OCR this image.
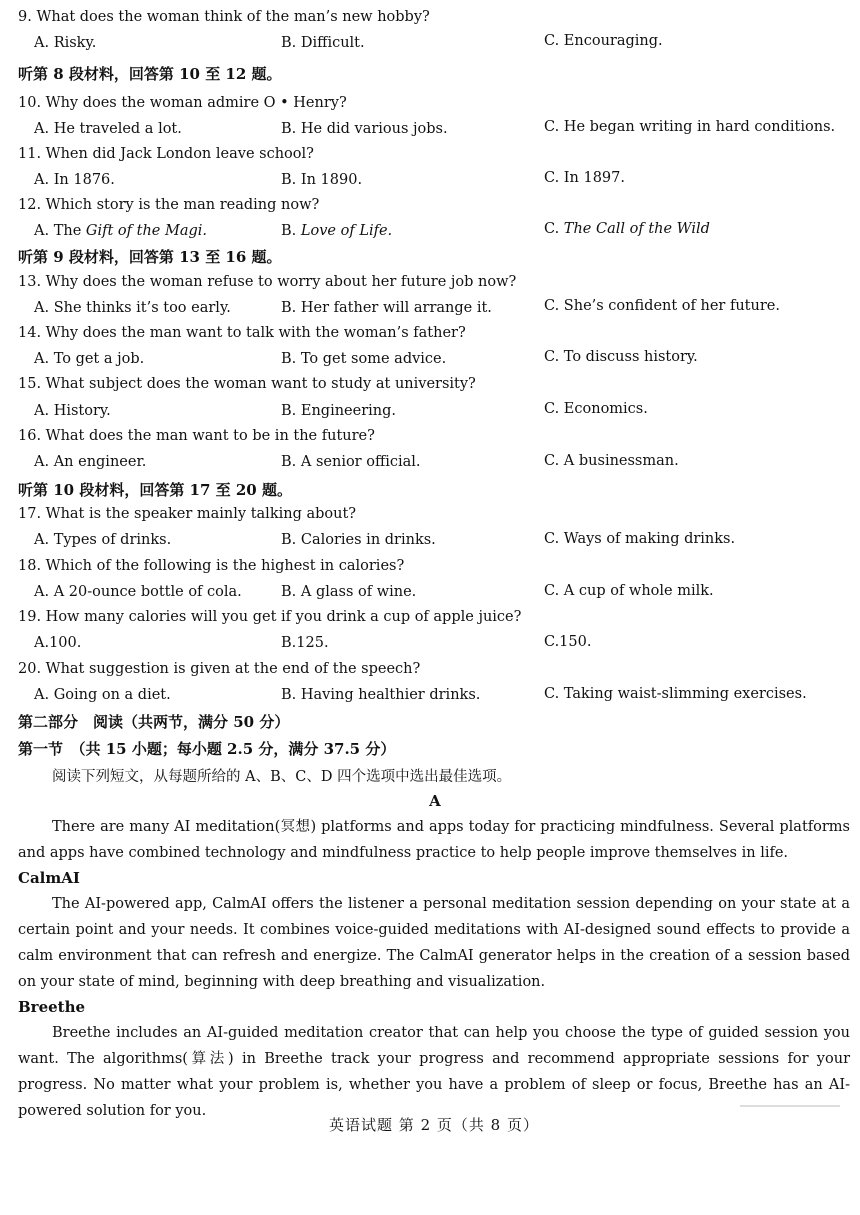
9. What does the woman think of the man’s new hobby?
A. Risky.	B. Difficult.	C. Encouraging.
听第 8 段材料，回答第 10 至 12 题。
10. Why does the woman admire O • Henry?
A. He traveled a lot.	B. He did various jobs.	C. He began writing in hard conditions.
11. When did Jack London leave school?
A. In 1876.	B. In 1890.	C. In 1897.
12. Which story is the man reading now?
A. The Gift of the Magi.	B. Love of Life.	C. The Call of the Wild
听第 9 段材料，回答第 13 至 16 题。
13. Why does the woman refuse to worry about her future job now?
A. She thinks it’s too early.	B. Her father will arrange it.	C. She’s confident of her future.
14. Why does the man want to talk with the woman’s father?
A. To get a job.	B. To get some advice.	C. To discuss history.
15. What subject does the woman want to study at university?
A. History.	B. Engineering.	C. Economics.
16. What does the man want to be in the future?
A. An engineer.	B. A senior official.	C. A businessman.
听第 10 段材料，回答第 17 至 20 题。
17. What is the speaker mainly talking about?
A. Types of drinks.	B. Calories in drinks.	C. Ways of making drinks.
18. Which of the following is the highest in calories?
A. A 20-ounce bottle of cola.	B. A glass of wine.	C. A cup of whole milk.
19. How many calories will you get if you drink a cup of apple juice?
A.100.	B.125.	C.150.
20. What suggestion is given at the end of the speech?
A. Going on a diet.	B. Having healthier drinks.	C. Taking waist-slimming exercises.
第二部分　阅读（共两节，满分 50 分）
第一节　（共 15 小题；每小题 2.5 分，满分 37.5 分）
阅读下列短文，从每题所给的 A、B、C、D 四个选项中选出最佳选项。
A
There are many AI meditation(冥想) platforms and apps today for practicing mindfulness. Several platforms and apps have combined technology and mindfulness practice to help people improve themselves in life.
CalmAI
The AI-powered app, CalmAI offers the listener a personal meditation session depending on your state at a certain point and your needs. It combines voice-guided meditations with AI-designed sound effects to provide a calm environment that can refresh and energize. The CalmAI generator helps in the creation of a session based on your state of mind, beginning with deep breathing and visualization.
Breethe
Breethe includes an AI-guided meditation creator that can help you choose the type of guided session you want. The algorithms(算法) in Breethe track your progress and recommend appropriate sessions for your progress. No matter what your problem is, whether you have a problem of sleep or focus, Breethe has an AI-powered solution for you.
英语试题 第 2 页（共 8 页）
